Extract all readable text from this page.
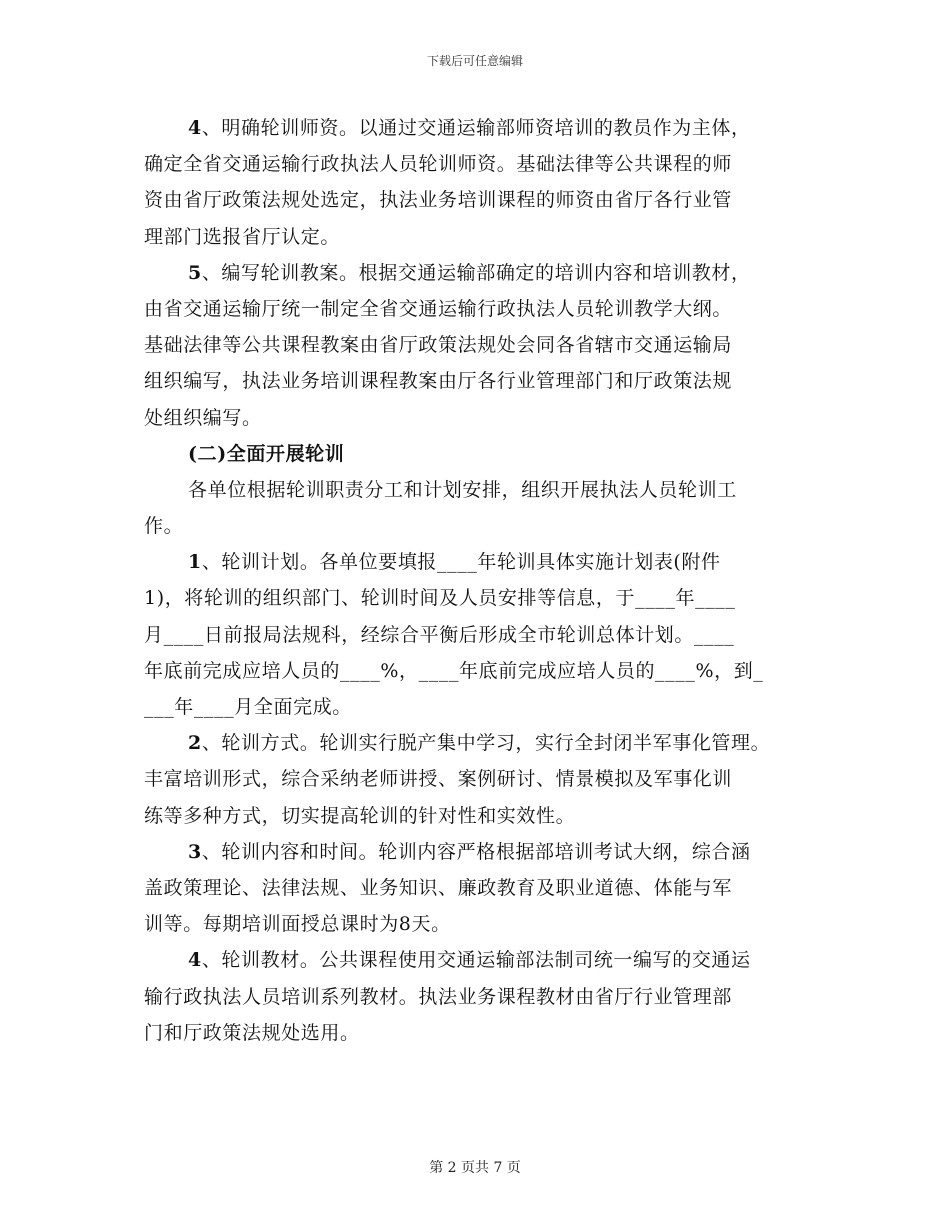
下载后可任意编辑
4、明确轮训师资。以通过交通运输部师资培训的教员作为主体，
确定全省交通运输行政执法人员轮训师资。基础法律等公共课程的师
资由省厅政策法规处选定，执法业务培训课程的师资由省厅各行业管
理部门选报省厅认定。
5、编写轮训教案。根据交通运输部确定的培训内容和培训教材，
由省交通运输厅统一制定全省交通运输行政执法人员轮训教学大纲。
基础法律等公共课程教案由省厅政策法规处会同各省辖市交通运输局
组织编写，执法业务培训课程教案由厅各行业管理部门和厅政策法规
处组织编写。
(二)全面开展轮训
各单位根据轮训职责分工和计划安排，组织开展执法人员轮训工
作。
1、轮训计划。各单位要填报____年轮训具体实施计划表(附件
1)，将轮训的组织部门、轮训时间及人员安排等信息，于____年____
月____日前报局法规科，经综合平衡后形成全市轮训总体计划。____
年底前完成应培人员的____%，____年底前完成应培人员的____%，到_
___年____月全面完成。
2、轮训方式。轮训实行脱产集中学习，实行全封闭半军事化管理。
丰富培训形式，综合采纳老师讲授、案例研讨、情景模拟及军事化训
练等多种方式，切实提高轮训的针对性和实效性。
3、轮训内容和时间。轮训内容严格根据部培训考试大纲，综合涵
盖政策理论、法律法规、业务知识、廉政教育及职业道德、体能与军
训等。每期培训面授总课时为8天。
4、轮训教材。公共课程使用交通运输部法制司统一编写的交通运
输行政执法人员培训系列教材。执法业务课程教材由省厅行业管理部
门和厅政策法规处选用。
第 2 页共 7 页
